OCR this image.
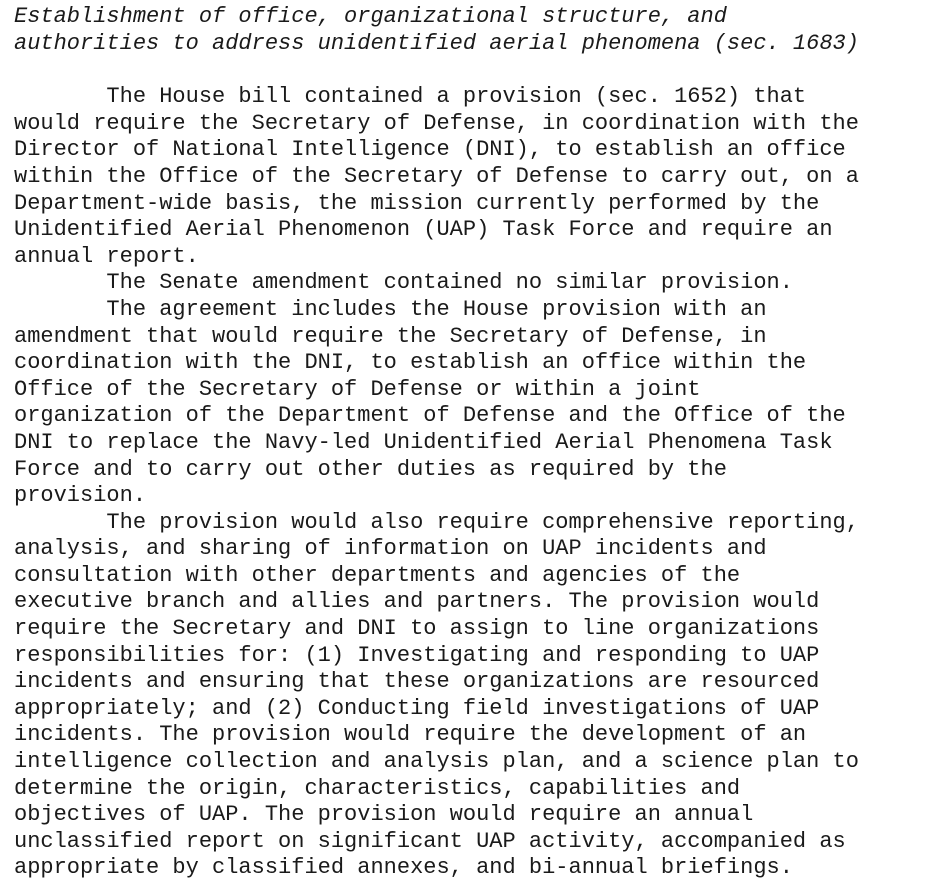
Establishment of office, organizational structure, and
authorities to address unidentified aerial phenomena (sec. 1683)
The House bill contained a provision (sec. 1652) that
would require the Secretary of Defense, in coordination with the
Director of National Intelligence (DNI), to establish an office
within the Office of the Secretary of Defense to carry out, on a
Department-wide basis, the mission currently performed by the
Unidentified Aerial Phenomenon (UAP) Task Force and require an
annual report.
The Senate amendment contained no similar provision.
The agreement includes the House provision with an
amendment that would require the Secretary of Defense, in
coordination with the DNI, to establish an office within the
Office of the Secretary of Defense or within a joint
organization of the Department of Defense and the Office of the
DNI to replace the Navy-led Unidentified Aerial Phenomena Task
Force and to carry out other duties as required by the
provision.
The provision would also require comprehensive reporting,
analysis, and sharing of information on UAP incidents and
consultation with other departments and agencies of the
executive branch and allies and partners. The provision would
require the Secretary and DNI to assign to line organizations
responsibilities for: (1) Investigating and responding to UAP
incidents and ensuring that these organizations are resourced
appropriately; and (2) Conducting field investigations of UAP
incidents. The provision would require the development of an
intelligence collection and analysis plan, and a science plan to
determine the origin, characteristics, capabilities and
objectives of UAP. The provision would require an annual
unclassified report on significant UAP activity, accompanied as
appropriate by classified annexes, and bi-annual briefings.
